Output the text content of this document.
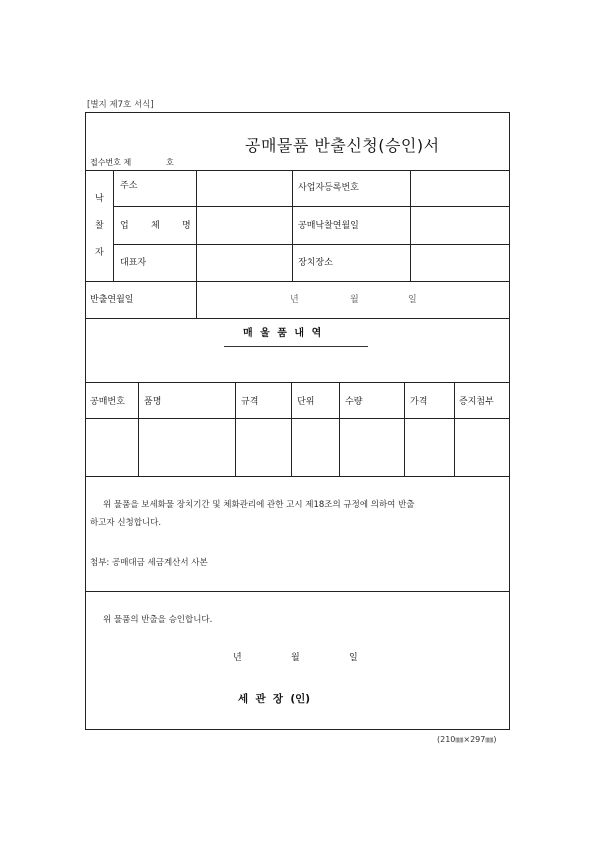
[별지 제7호 서식]
공매물품 반출신청(승인)서
접수번호 제	호
낙
찰
자
주소	사업자등록번호
업 체 명	공매낙찰연월일
대표자	장치장소
반출연월일	년	월	일
매 울 품 내 역
공매번호 품명	규격	단위	수량	가격	증지첨부
위 물품을 보세화물 장치기간 및 체화관리에 관한 고시 제18조의 규정에 의하여 반출
하고자 신청합니다.
첨부: 공매대금 세금계산서 사본
위 물품의 반출을 승인합니다.
년	월	일
세  관  장  (인)
(210㎜×297㎜)
